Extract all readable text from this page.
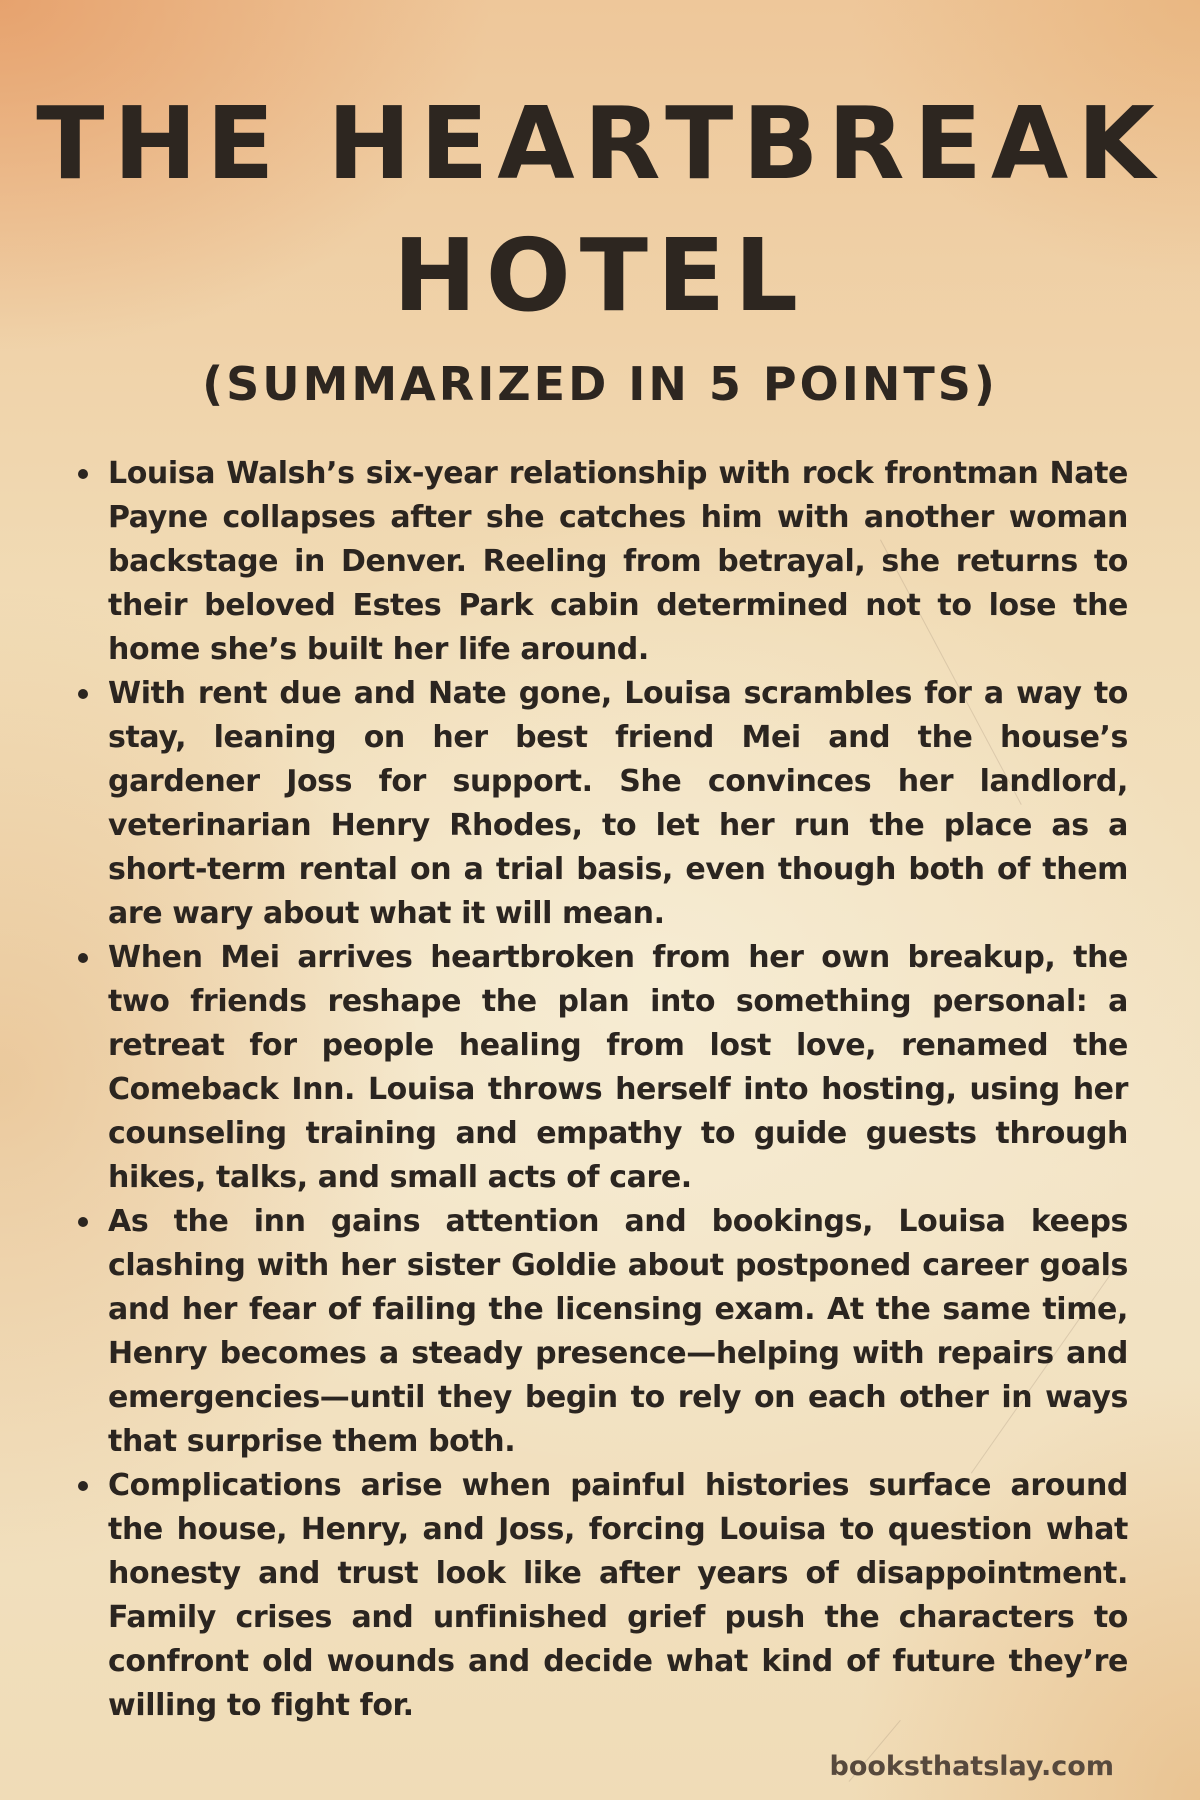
THE HEARTBREAK HOTEL
(SUMMARIZED IN 5 POINTS)
Louisa Walsh’s six-year relationship with rock frontman Nate Payne collapses after she catches him with another woman backstage in Denver. Reeling from betrayal, she returns to their beloved Estes Park cabin determined not to lose the home she’s built her life around.
With rent due and Nate gone, Louisa scrambles for a way to stay, leaning on her best friend Mei and the house’s gardener Joss for support. She convinces her landlord, veterinarian Henry Rhodes, to let her run the place as a short-term rental on a trial basis, even though both of them are wary about what it will mean.
When Mei arrives heartbroken from her own breakup, the two friends reshape the plan into something personal: a retreat for people healing from lost love, renamed the Comeback Inn. Louisa throws herself into hosting, using her counseling training and empathy to guide guests through hikes, talks, and small acts of care.
As the inn gains attention and bookings, Louisa keeps clashing with her sister Goldie about postponed career goals and her fear of failing the licensing exam. At the same time, Henry becomes a steady presence—helping with repairs and emergencies—until they begin to rely on each other in ways that surprise them both.
Complications arise when painful histories surface around the house, Henry, and Joss, forcing Louisa to question what honesty and trust look like after years of disappointment. Family crises and unfinished grief push the characters to confront old wounds and decide what kind of future they’re willing to fight for.
booksthatslay.com
